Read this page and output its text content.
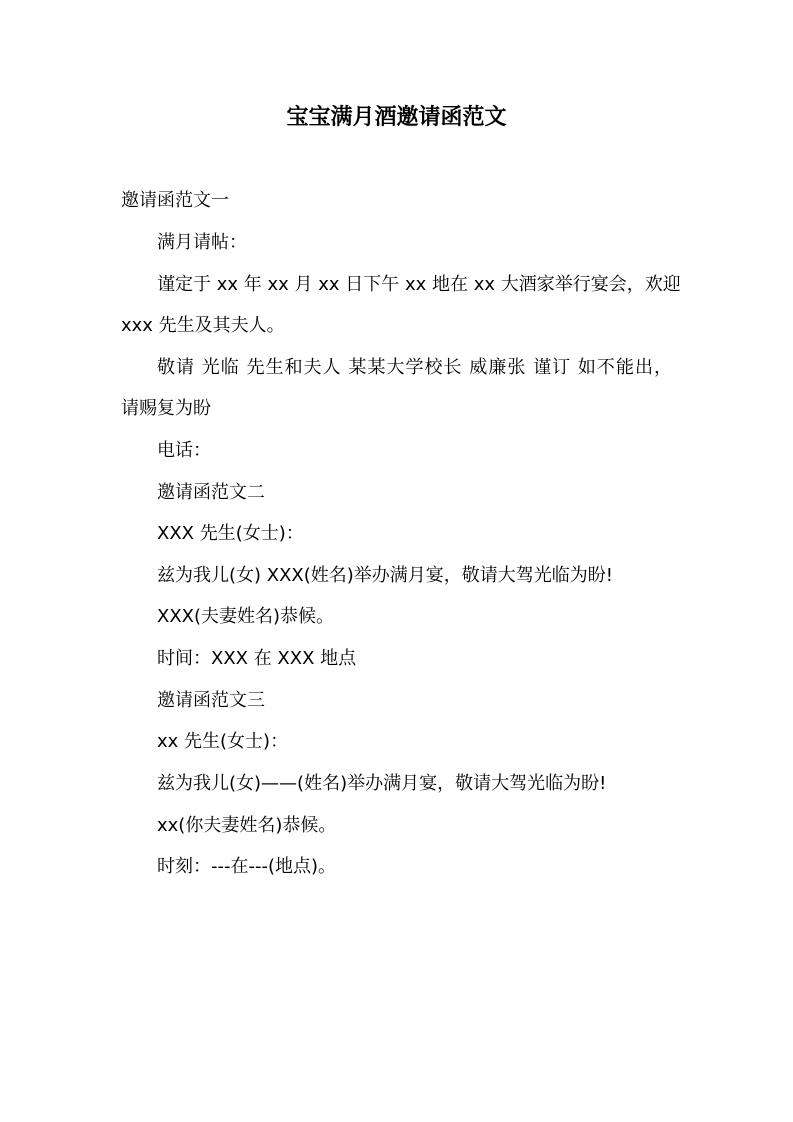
宝宝满月酒邀请函范文
邀请函范文一
满月请帖：
谨定于 xx 年 xx 月 xx 日下午 xx 地在 xx 大酒家举行宴会，欢迎
xxx 先生及其夫人。
敬请 光临 先生和夫人 某某大学校长 威廉张 谨订 如不能出，
请赐复为盼
电话：
邀请函范文二
XXX 先生(女士)：
兹为我儿(女) XXX(姓名)举办满月宴，敬请大驾光临为盼!
XXX(夫妻姓名)恭候。
时间：XXX 在 XXX 地点
邀请函范文三
xx 先生(女士)：
兹为我儿(女)——(姓名)举办满月宴，敬请大驾光临为盼!
xx(你夫妻姓名)恭候。
时刻：---在---(地点)。
